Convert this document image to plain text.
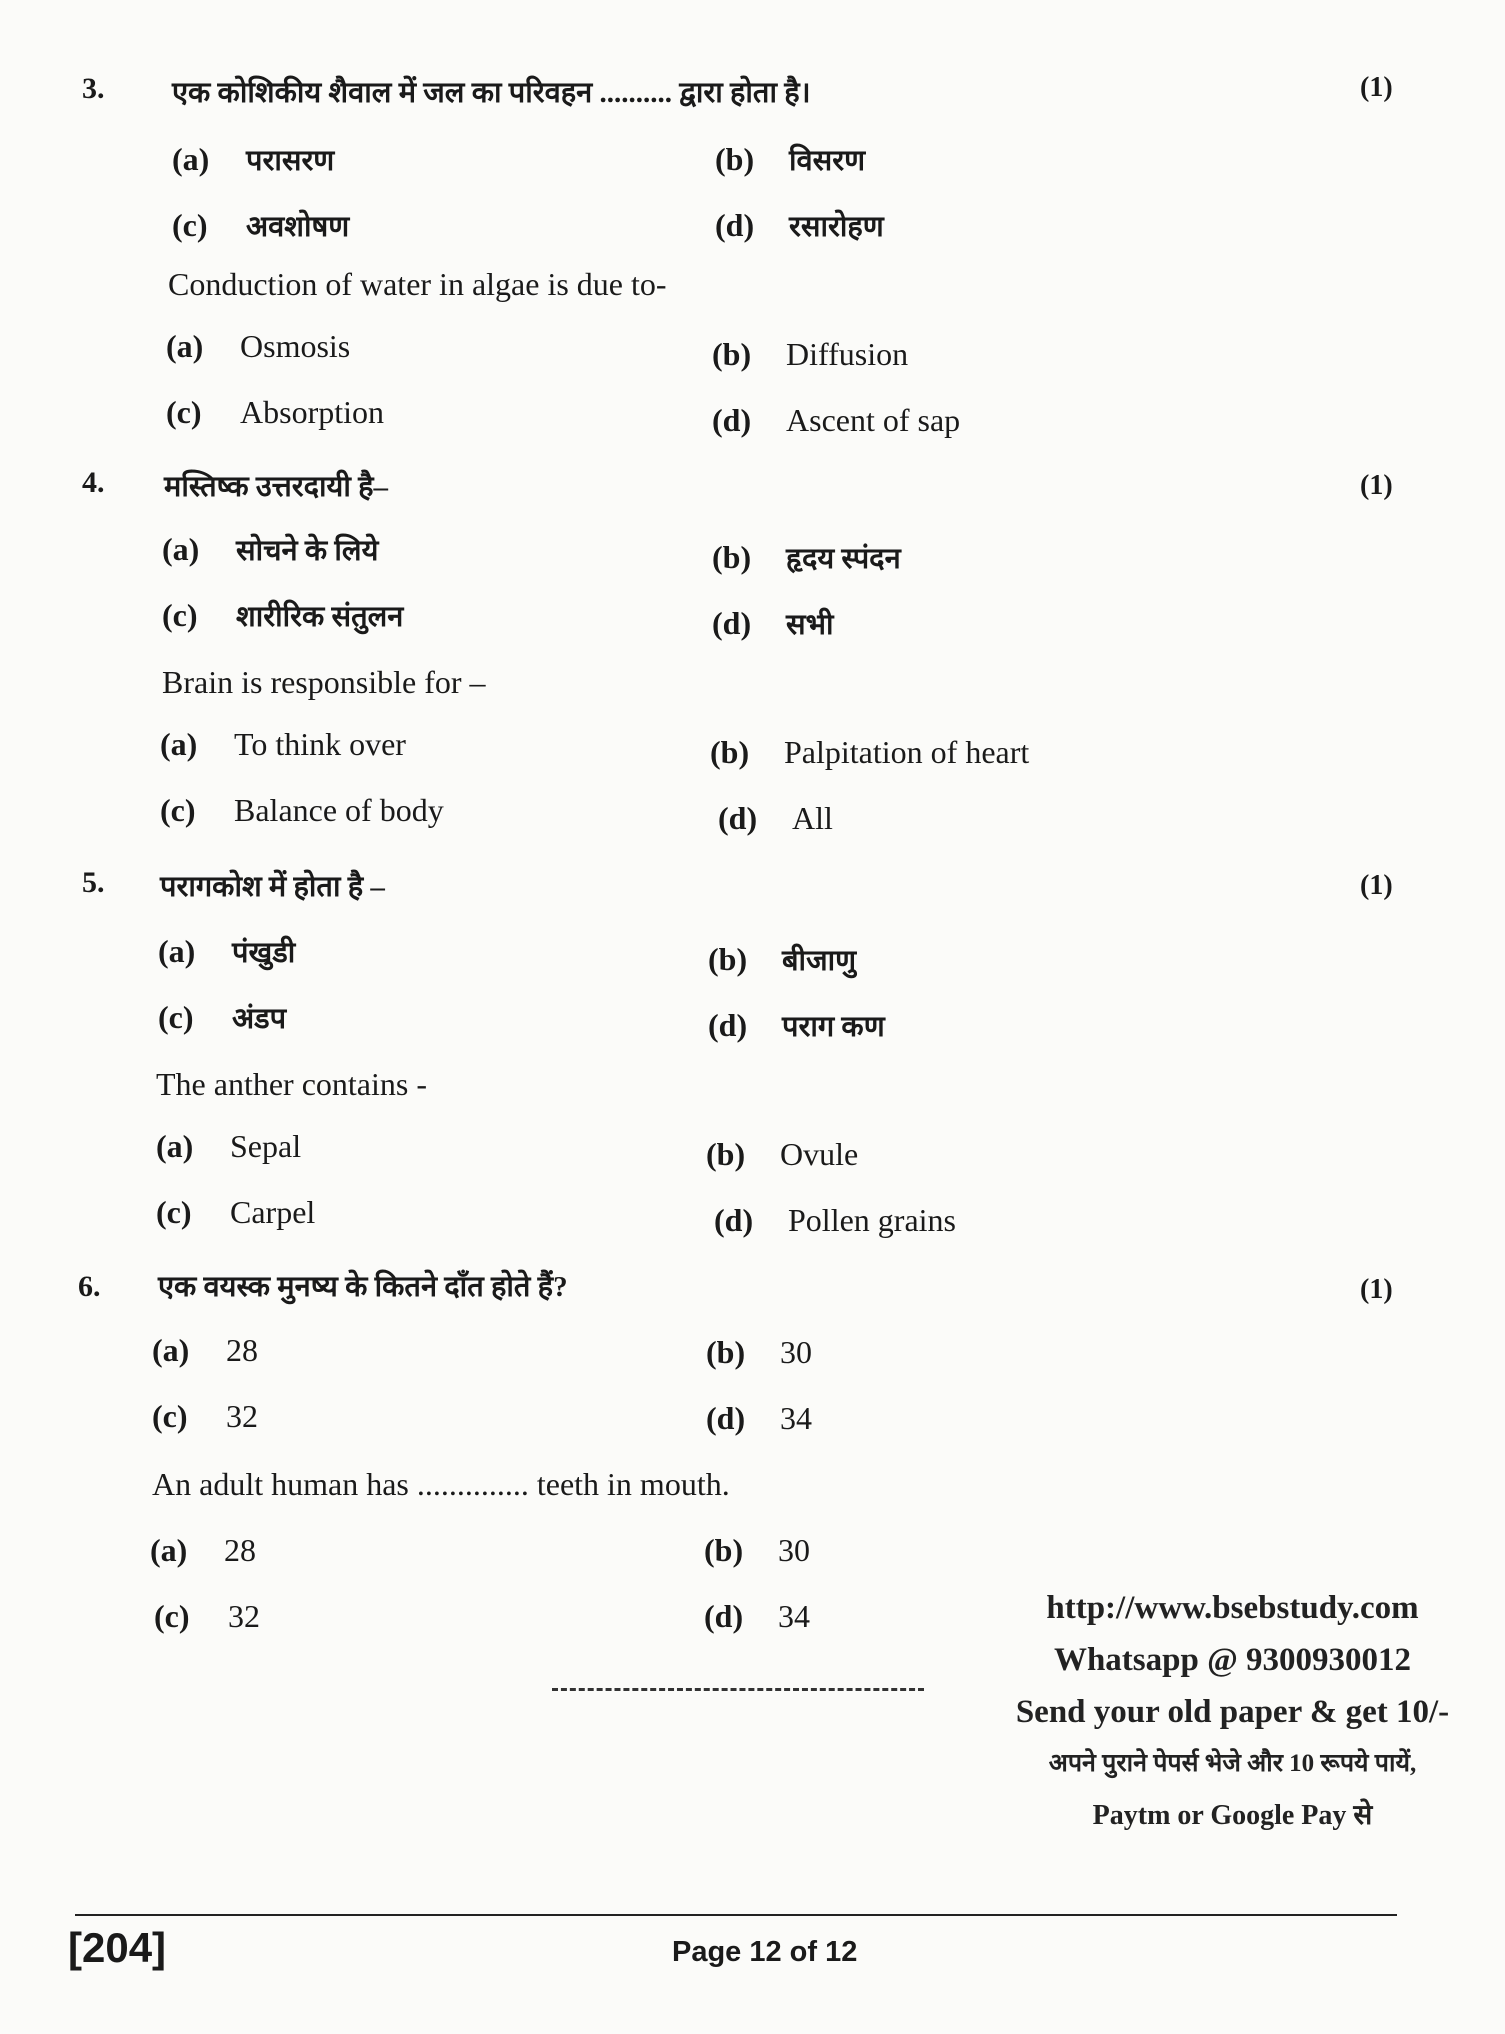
3. एक कोशिकीय शैवाल में जल का परिवहन .......... द्वारा होता है।	(1)
(a) परासरण	(b) विसरण
(c) अवशोषण	(d) रसारोहण
Conduction of water in algae is due to-
(a) Osmosis	(b) Diffusion
(c) Absorption	(d) Ascent of sap
4. मस्तिष्क उत्तरदायी है–	(1)
(a) सोचने के लिये	(b) हृदय स्पंदन
(c) शारीरिक संतुलन	(d) सभी
Brain is responsible for –
(a) To think over	(b) Palpitation of heart
(c) Balance of body	(d) All
5. परागकोश में होता है –	(1)
(a) पंखुडी	(b) बीजाणु
(c) अंडप	(d) पराग कण
The anther contains -
(a) Sepal	(b) Ovule
(c) Carpel	(d) Pollen grains
6. एक वयस्क मुनष्य के कितने दाँत होते हैं?	(1)
(a) 28	(b) 30
(c) 32	(d) 34
An adult human has .............. teeth in mouth.
(a) 28	(b) 30
(c) 32	(d) 34	http://www.bsebstudy.com
Whatsapp @ 9300930012
Send your old paper & get 10/-
अपने पुराने पेपर्स भेजे और 10 रूपये पायें,
Paytm or Google Pay से
[204]	Page 12 of 12
